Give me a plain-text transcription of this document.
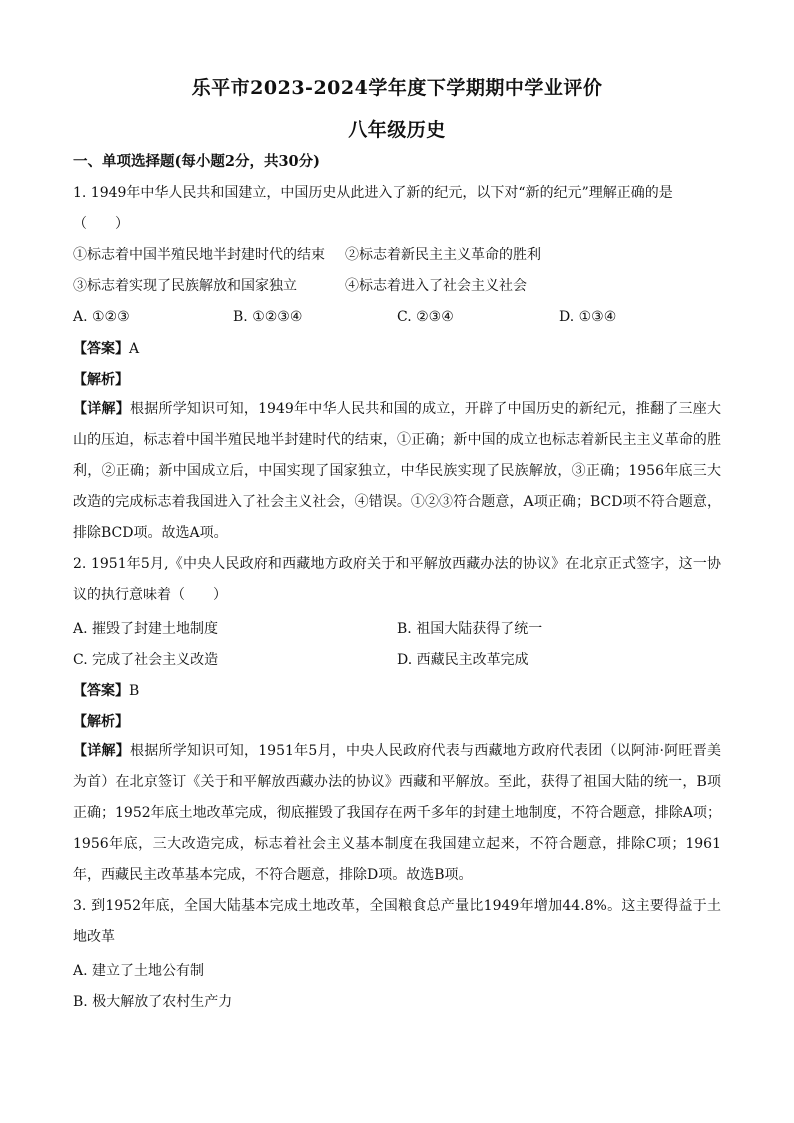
乐平市2023-2024学年度下学期期中学业评价
八年级历史
一、单项选择题(每小题2分，共30分)
1. 1949年中华人民共和国建立，中国历史从此进入了新的纪元，以下对“新的纪元”理解正确的是
（　　）
①标志着中国半殖民地半封建时代的结束 ②标志着新民主主义革命的胜利
③标志着实现了民族解放和国家独立	④标志着进入了社会主义社会
A. ①②③	B. ①②③④	C. ②③④	D. ①③④
【答案】A
【解析】
【详解】根据所学知识可知，1949年中华人民共和国的成立，开辟了中国历史的新纪元，推翻了三座大山的压迫，标志着中国半殖民地半封建时代的结束，①正确；新中国的成立也标志着新民主主义革命的胜利，②正确；新中国成立后，中国实现了国家独立，中华民族实现了民族解放，③正确；1956年底三大改造的完成标志着我国进入了社会主义社会，④错误。①②③符合题意，A项正确；BCD项不符合题意，排除BCD项。故选A项。
2. 1951年5月,《中央人民政府和西藏地方政府关于和平解放西藏办法的协议》在北京正式签字，这一协议的执行意味着（　　）
A. 摧毁了封建土地制度	B. 祖国大陆获得了统一
C. 完成了社会主义改造	D. 西藏民主改革完成
【答案】B
【解析】
【详解】根据所学知识可知，1951年5月，中央人民政府代表与西藏地方政府代表团（以阿沛·阿旺晋美为首）在北京签订《关于和平解放西藏办法的协议》西藏和平解放。至此，获得了祖国大陆的统一，B项正确；1952年底土地改革完成，彻底摧毁了我国存在两千多年的封建土地制度，不符合题意，排除A项；1956年底，三大改造完成，标志着社会主义基本制度在我国建立起来，不符合题意，排除C项；1961年，西藏民主改革基本完成，不符合题意，排除D项。故选B项。
3. 到1952年底，全国大陆基本完成土地改革，全国粮食总产量比1949年增加44.8%。这主要得益于土地改革
A. 建立了土地公有制
B. 极大解放了农村生产力
